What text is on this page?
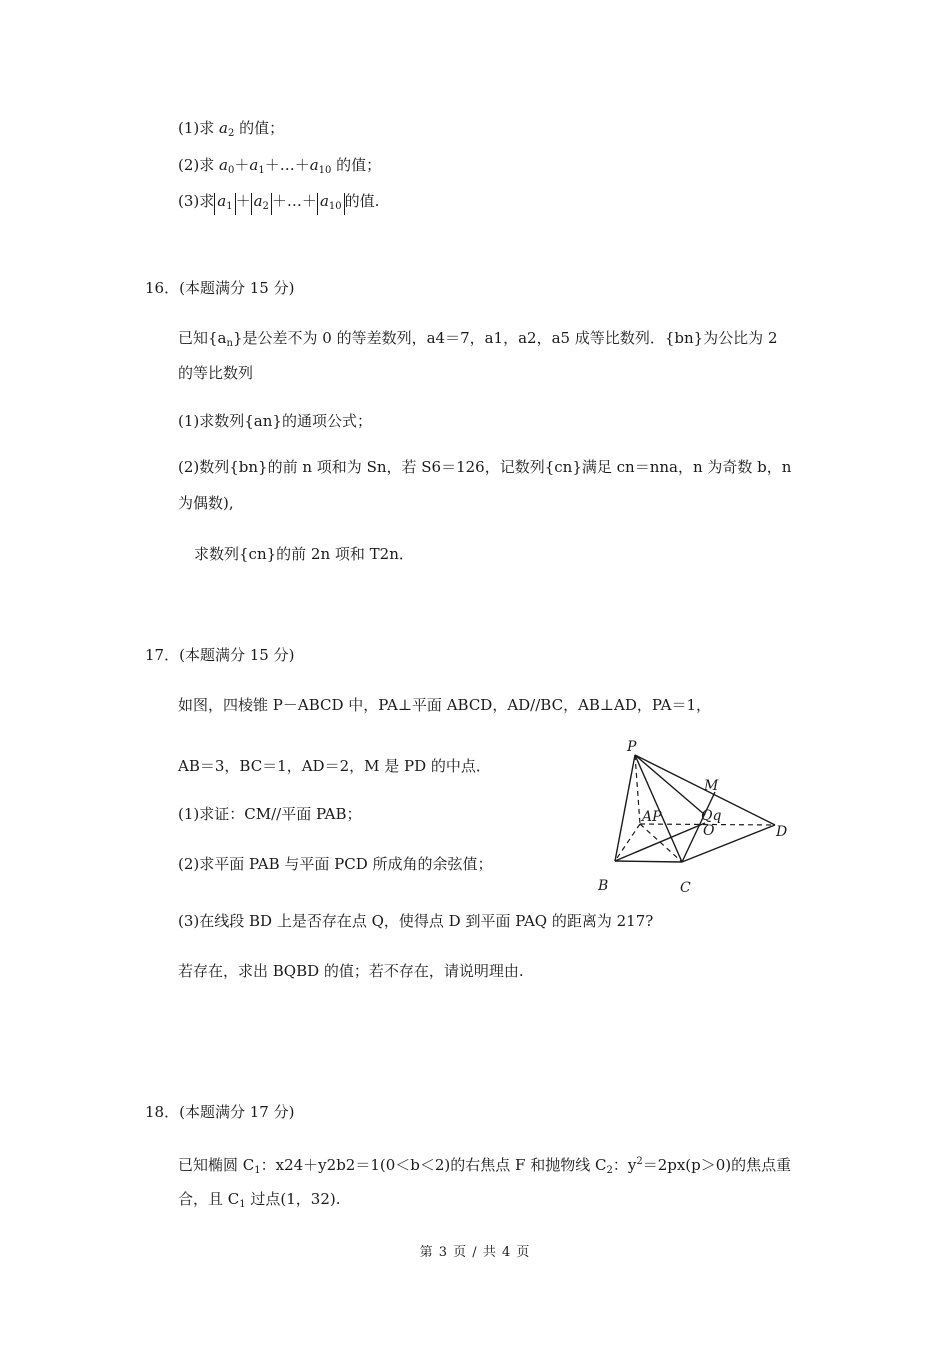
(1)求 $a_2$ 的值；
(2)求 $a_0+a_1+\dots+a_{10}$ 的值；
(3)求 $a_1 + a_2$ ＋…＋ $a_{10}$ 的值.
16．(本题满分 15 分)
已知$\{a_n\}$是公差不为 0 的等差数列，a4＝7，a1，a2，a5 成等比数列．{bn}为公比为 2
的等比数列
(1)求数列{an}的通项公式；
(2)数列{bn}的前 n 项和为 Sn，若 S6＝126，记数列{cn}满足 cn＝nna，n 为奇数 b，n
为偶数),
求数列{cn}的前 2n 项和 T2n．
17．(本题满分 15 分)
如图，四棱锥 P－ABCD 中，PA⊥平面 ABCD，AD//BC，AB⊥AD，PA＝1，
AB＝3，BC＝1，AD＝2，M 是 PD 的中点．
(1)求证：CM//平面 PAB；
(2)求平面 PAB 与平面 PCD 所成角的余弦值；
(3)在线段 BD 上是否存在点 Q，使得点 D 到平面 PAQ 的距离为 217?
若存在，求出 BQBD 的值；若不存在，请说明理由.
P
M
AP	Qq
O	D
B	C
18．(本题满分 17 分)
已知椭圆 $C_1$：x24＋y2b2＝1(0＜b＜2)的右焦点 F 和抛物线 $C_2$：$y^2=2px(p>0)$的焦点重
合，且 $C_1$ 过点(1，32).
第 3 页 / 共 4 页
